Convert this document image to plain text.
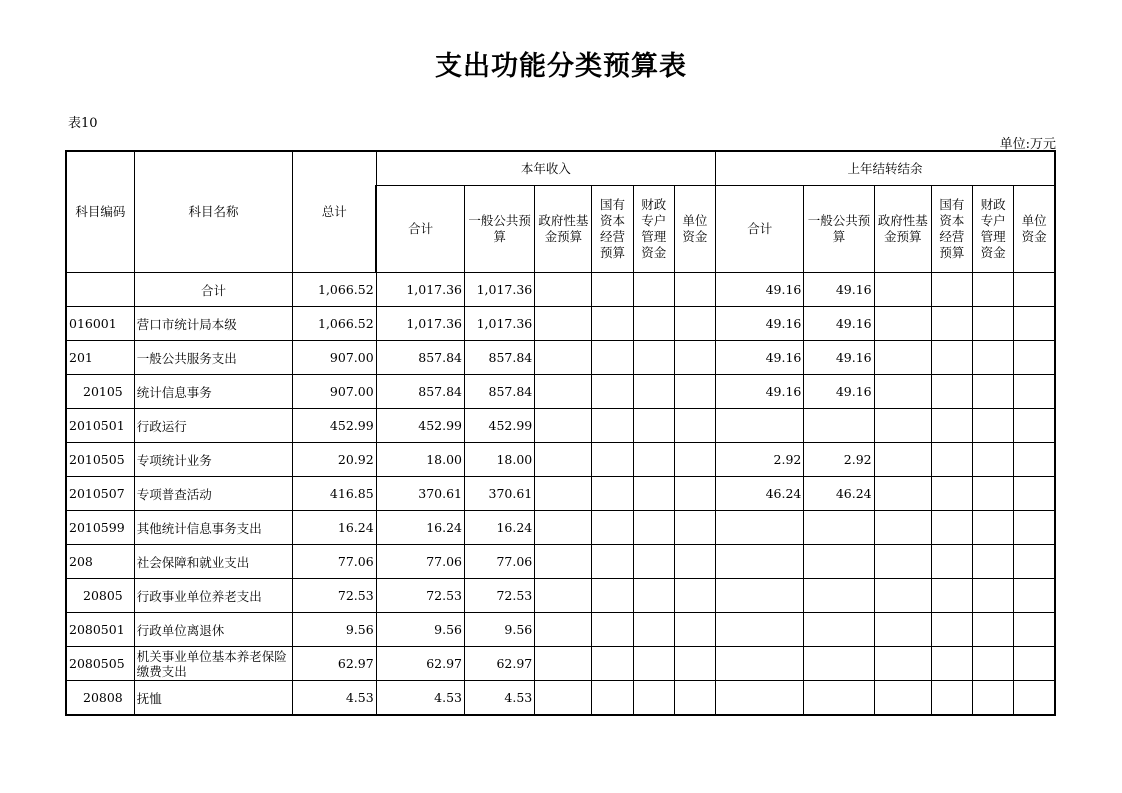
支出功能分类预算表
表10
单位:万元
科目编码	科目名称	总计	本年收入						上年结转结余					
			合计	一般公共预算	政府性基金预算	国有资本经营预算	财政专户管理资金	单位资金	合计	一般公共预算	政府性基金预算	国有资本经营预算	财政专户管理资金	单位资金
	合计	1,066.52	1,017.36	1,017.36					49.16	49.16				
016001	营口市统计局本级	1,066.52	1,017.36	1,017.36					49.16	49.16				
201	一般公共服务支出	907.00	857.84	857.84					49.16	49.16				
20105	统计信息事务	907.00	857.84	857.84					49.16	49.16				
2010501	行政运行	452.99	452.99	452.99										
2010505	专项统计业务	20.92	18.00	18.00					2.92	2.92				
2010507	专项普查活动	416.85	370.61	370.61					46.24	46.24				
2010599	其他统计信息事务支出	16.24	16.24	16.24										
208	社会保障和就业支出	77.06	77.06	77.06										
20805	行政事业单位养老支出	72.53	72.53	72.53										
2080501	行政单位离退休	9.56	9.56	9.56										
2080505	机关事业单位基本养老保险缴费支出	62.97	62.97	62.97										
20808	抚恤	4.53	4.53	4.53										
